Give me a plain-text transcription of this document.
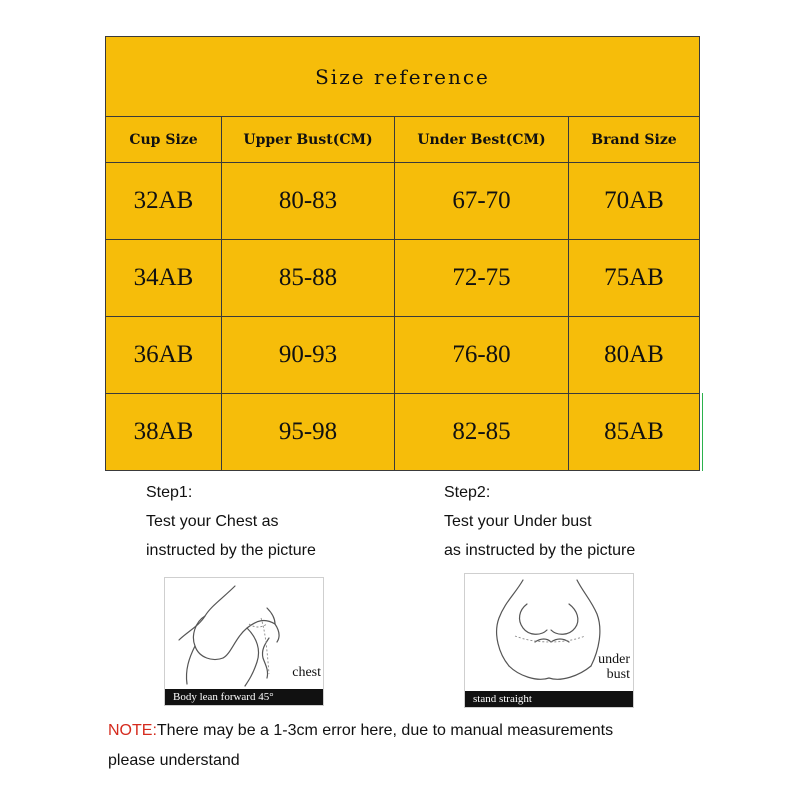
Size reference			
Cup Size	Upper Bust(CM)	Under Best(CM)	Brand Size
32AB	80-83	67-70	70AB
34AB	85-88	72-75	75AB
36AB	90-93	76-80	80AB
38AB	95-98	82-85	85AB
Step1:
Test your Chest as
instructed by the picture
Step2:
Test your Under bust
as instructed by the picture
chest
Body lean forward 45°
under
bust
stand straight
NOTE:There may be a 1-3cm error here, due to manual measurements
please understand
